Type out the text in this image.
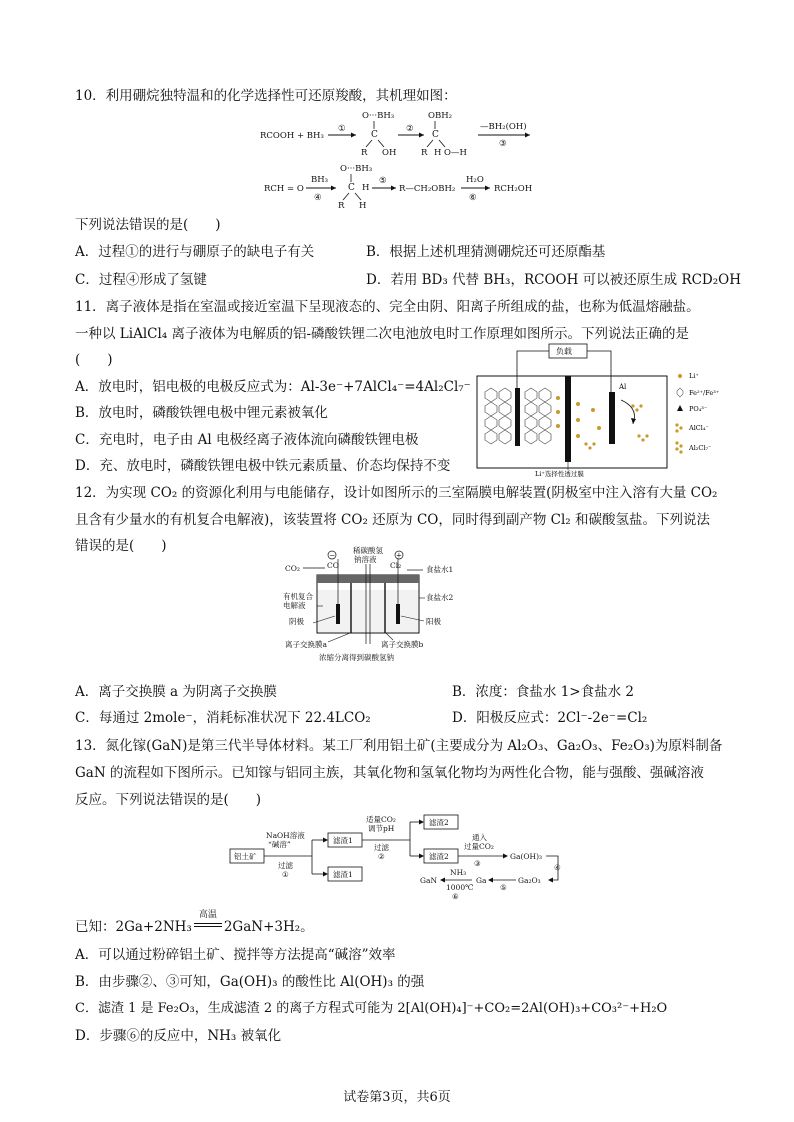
10．利用硼烷独特温和的化学选择性可还原羧酸，其机理如图：
RCOOH + BH₃
①
O···BH₃
C
R OH
②
OBH₂
C
R H O—H
—BH₂(OH)
③
RCH = O
BH₃
④
O···BH₃
C
R H
H
⑤
R—CH₂OBH₂
H₂O
⑥
RCH₂OH
下列说法错误的是(　　)
A．过程①的进行与硼原子的缺电子有关	B．根据上述机理猜测硼烷还可还原酯基
C．过程④形成了氢键	D．若用 BD₃ 代替 BH₃，RCOOH 可以被还原生成 RCD₂OH
11．离子液体是指在室温或接近室温下呈现液态的、完全由阴、阳离子所组成的盐，也称为低温熔融盐。
一种以 LiAlCl₄ 离子液体为电解质的铝-磷酸铁锂二次电池放电时工作原理如图所示。下列说法正确的是
(　　)
A．放电时，铝电极的电极反应式为：Al-3e⁻+7AlCl₄⁻=4Al₂Cl₇⁻
B．放电时，磷酸铁锂电极中锂元素被氧化
C．充电时，电子由 Al 电极经离子液体流向磷酸铁锂电极
D．充、放电时，磷酸铁锂电极中铁元素质量、价态均保持不变
负载
Al
Li⁺选择性透过膜
Li⁺
Fe²⁺/Fe³⁺
PO₄³⁻
AlCl₄⁻
Al₂Cl₇⁻
12．为实现 CO₂ 的资源化利用与电能储存，设计如图所示的三室隔膜电解装置(阴极室中注入溶有大量 CO₂
且含有少量水的有机复合电解液)，该装置将 CO₂ 还原为 CO，同时得到副产物 Cl₂ 和碳酸氢盐。下列说法
错误的是(　　)
−	+
稀碳酸氢
钠溶液
CO₂	CO	Cl₂	食盐水1
食盐水2
有机复合
电解液
阴极	阳极
离子交换膜a	离子交换膜b
浓缩分离得到碳酸氢钠
A．离子交换膜 a 为阴离子交换膜	B．浓度：食盐水 1>食盐水 2
C．每通过 2mole⁻，消耗标准状况下 22.4LCO₂	D．阳极反应式：2Cl⁻-2e⁻=Cl₂
13．氮化镓(GaN)是第三代半导体材料。某工厂利用铝土矿(主要成分为 Al₂O₃、Ga₂O₃、Fe₂O₃)为原料制备
GaN 的流程如下图所示。已知镓与铝同主族，其氧化物和氢氧化物均为两性化合物，能与强酸、强碱溶液
反应。下列说法错误的是(　　)
铝土矿
NaOH溶液
“碱溶”
过滤
①
滤渣1
滤渣1
适量CO₂
调节pH
过滤
②
滤渣2
滤渣2
通入
过量CO₂
③
Ga(OH)₃
④
Ga₂O₃
⑤
Ga
NH₃
1000℃
⑥
GaN
已知：2Ga+2NH₃
高温
2GaN+3H₂。
A．可以通过粉碎铝土矿、搅拌等方法提高“碱溶”效率
B．由步骤②、③可知，Ga(OH)₃ 的酸性比 Al(OH)₃ 的强
C．滤渣 1 是 Fe₂O₃，生成滤渣 2 的离子方程式可能为 2[Al(OH)₄]⁻+CO₂=2Al(OH)₃+CO₃²⁻+H₂O
D．步骤⑥的反应中，NH₃ 被氧化
试卷第3页，共6页
